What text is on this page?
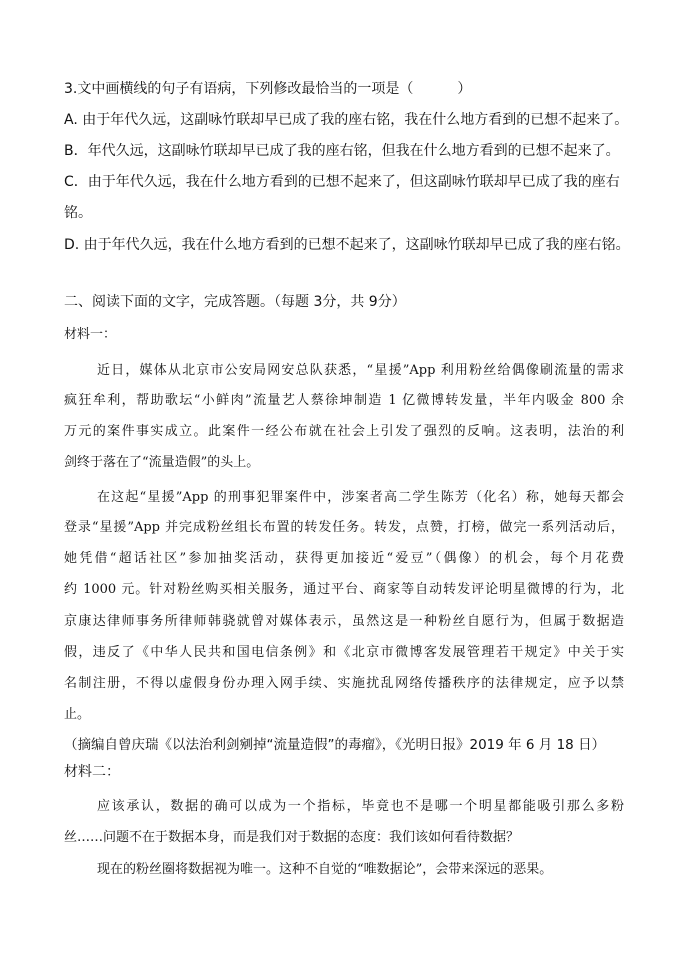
3.文中画横线的句子有语病，下列修改最恰当的一项是（	）
A. 由于年代久远，这副咏竹联却早已成了我的座右铭，我在什么地方看到的已想不起来了。
B．年代久远，这副咏竹联却早已成了我的座右铭，但我在什么地方看到的已想不起来了。
C．由于年代久远，我在什么地方看到的已想不起来了，但这副咏竹联却早已成了我的座右
铭。
D. 由于年代久远，我在什么地方看到的已想不起来了，这副咏竹联却早已成了我的座右铭。
二、阅读下面的文字，完成答题。（每题 3分，共 9分）
材料一：
近日，媒体从北京市公安局网安总队获悉，“星援”App 利用粉丝给偶像刷流量的需求
疯狂牟利，帮助歌坛“小鲜肉”流量艺人蔡徐坤制造 1 亿微博转发量，半年内吸金 800 余
万元的案件事实成立。此案件一经公布就在社会上引发了强烈的反响。这表明，法治的利
剑终于落在了“流量造假”的头上。
在这起“星援”App 的刑事犯罪案件中，涉案者高二学生陈芳（化名）称，她每天都会
登录“星援”App 并完成粉丝组长布置的转发任务。转发，点赞，打榜，做完一系列活动后，
她凭借“超话社区”参加抽奖活动，获得更加接近“爱豆”（偶像）的机会，每个月花费
约 1000 元。针对粉丝购买相关服务，通过平台、商家等自动转发评论明星微博的行为，北
京康达律师事务所律师韩骁就曾对媒体表示，虽然这是一种粉丝自愿行为，但属于数据造
假，违反了《中华人民共和国电信条例》和《北京市微博客发展管理若干规定》中关于实
名制注册，不得以虚假身份办理入网手续、实施扰乱网络传播秩序的法律规定，应予以禁
止。
（摘编自曾庆瑞《以法治利剑剜掉“流量造假”的毒瘤》，《光明日报》2019 年 6 月 18 日）
材料二：
应该承认，数据的确可以成为一个指标，毕竟也不是哪一个明星都能吸引那么多粉
丝……问题不在于数据本身，而是我们对于数据的态度：我们该如何看待数据？
现在的粉丝圈将数据视为唯一。这种不自觉的“唯数据论”，会带来深远的恶果。
